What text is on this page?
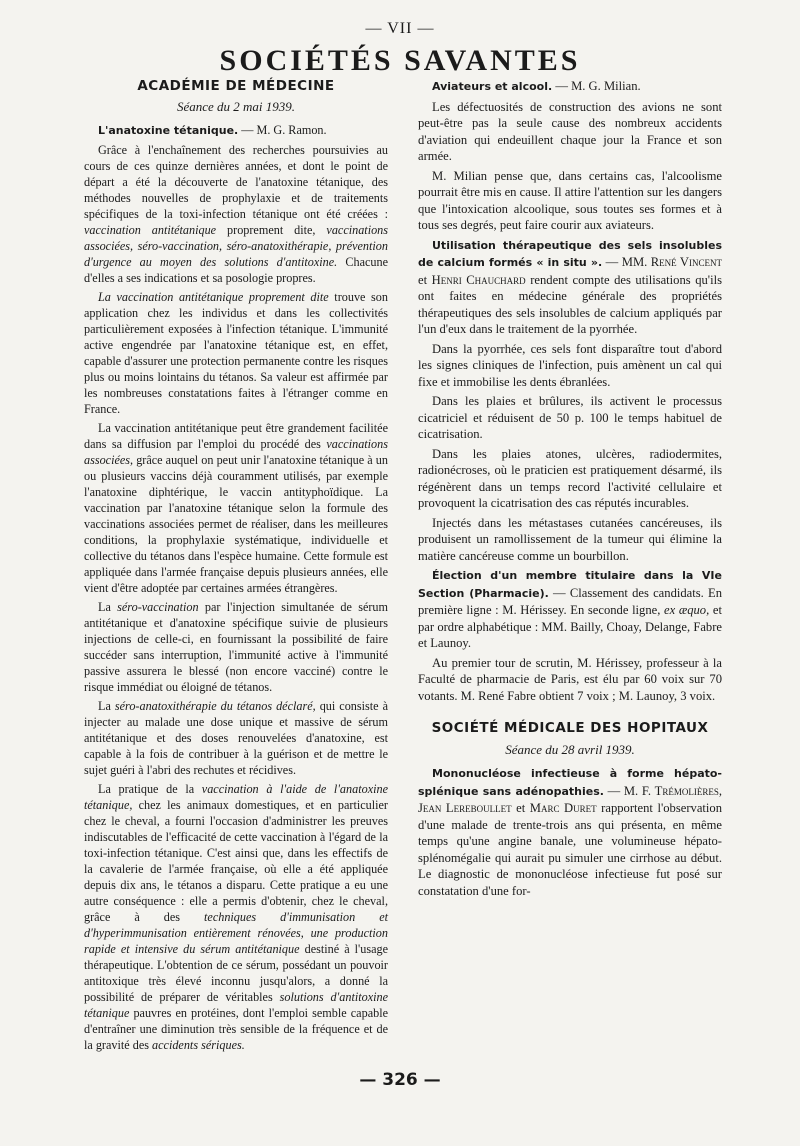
— VII —
SOCIÉTÉS SAVANTES
ACADÉMIE DE MÉDECINE
Séance du 2 mai 1939.

L'anatoxine tétanique. — M. G. Ramon.

Grâce à l'enchaînement des recherches poursuivies au cours de ces quinze dernières années, et dont le point de départ a été la découverte de l'anatoxine tétanique, des méthodes nouvelles de prophylaxie et de traitements spécifiques de la toxi-infection tétanique ont été créées : vaccination antitétanique proprement dite, vaccinations associées, séro-vaccination, séro-anatoxithérapie, prévention d'urgence au moyen des solutions d'antitoxine. Chacune d'elles a ses indications et sa posologie propres.

La vaccination antitétanique proprement dite trouve son application chez les individus et dans les collectivités particulièrement exposées à l'infection tétanique. L'immunité active engendrée par l'anatoxine tétanique est, en effet, capable d'assurer une protection permanente contre les risques plus ou moins lointains du tétanos. Sa valeur est affirmée par les nombreuses constatations faites à l'étranger comme en France.

La vaccination antitétanique peut être grandement facilitée dans sa diffusion par l'emploi du procédé des vaccinations associées, grâce auquel on peut unir l'anatoxine tétanique à un ou plusieurs vaccins déjà couramment utilisés, par exemple l'anatoxine diphtérique, le vaccin antityphoïdique. La vaccination par l'anatoxine tétanique selon la formule des vaccinations associées permet de réaliser, dans les meilleures conditions, la prophylaxie systématique, individuelle et collective du tétanos dans l'espèce humaine. Cette formule est appliquée dans l'armée française depuis plusieurs années, elle vient d'être adoptée par certaines armées étrangères.

La séro-vaccination par l'injection simultanée de sérum antitétanique et d'anatoxine spécifique suivie de plusieurs injections de celle-ci, en fournissant la possibilité de faire succéder sans interruption, l'immunité active à l'immunité passive assurera le blessé (non encore vacciné) contre le risque immédiat ou éloigné de tétanos.

La séro-anatoxithérapie du tétanos déclaré, qui consiste à injecter au malade une dose unique et massive de sérum antitétanique et des doses renouvelées d'anatoxine, est capable à la fois de contribuer à la guérison et de mettre le sujet guéri à l'abri des rechutes et récidives.

La pratique de la vaccination à l'aide de l'anatoxine tétanique, chez les animaux domestiques, et en particulier chez le cheval, a fourni l'occasion d'administrer les preuves indiscutables de l'efficacité de cette vaccination à l'égard de la toxi-infection tétanique. C'est ainsi que, dans les effectifs de la cavalerie de l'armée française, où elle a été appliquée depuis dix ans, le tétanos a disparu. Cette pratique a eu une autre conséquence : elle a permis d'obtenir, chez le cheval, grâce à des techniques d'immunisation et d'hyperimmunisation entièrement rénovées, une production rapide et intensive du sérum antitétanique destiné à l'usage thérapeutique. L'obtention de ce sérum, possédant un pouvoir antitoxique très élevé inconnu jusqu'alors, a donné la possibilité de préparer de véritables solutions d'antitoxine tétanique pauvres en protéines, dont l'emploi semble capable d'entraîner une diminution très sensible de la fréquence et de la gravité des accidents sériques.

Aviateurs et alcool. — M. G. Milian.

Les défectuosités de construction des avions ne sont peut-être pas la seule cause des nombreux accidents d'aviation qui endeuillent chaque jour la France et son armée.

M. Milian pense que, dans certains cas, l'alcoolisme pourrait être mis en cause. Il attire l'attention sur les dangers que l'intoxication alcoolique, sous toutes ses formes et à tous ses degrés, peut faire courir aux aviateurs.

Utilisation thérapeutique des sels insolubles de calcium formés « in situ ». — MM. René Vincent et Henri Chauchard rendent compte des utilisations qu'ils ont faites en médecine générale des propriétés thérapeutiques des sels insolubles de calcium appliqués par l'un d'eux dans le traitement de la pyorrhée.

Dans la pyorrhée, ces sels font disparaître tout d'abord les signes cliniques de l'infection, puis amènent un cal qui fixe et immobilise les dents ébranlées.

Dans les plaies et brûlures, ils activent le processus cicatriciel et réduisent de 50 p. 100 le temps habituel de cicatrisation.

Dans les plaies atones, ulcères, radiodermites, radionécroses, où le praticien est pratiquement désarmé, ils régénèrent dans un temps record l'activité cellulaire et provoquent la cicatrisation des cas réputés incurables.

Injectés dans les métastases cutanées cancéreuses, ils produisent un ramollissement de la tumeur qui élimine la matière cancéreuse comme un bourbillon.

Élection d'un membre titulaire dans la VIe Section (Pharmacie). — Classement des candidats. En première ligne : M. Hérissey. En seconde ligne, ex æquo, et par ordre alphabétique : MM. Bailly, Choay, Delange, Fabre et Launoy.

Au premier tour de scrutin, M. Hérissey, professeur à la Faculté de pharmacie de Paris, est élu par 60 voix sur 70 votants. M. René Fabre obtient 7 voix ; M. Launoy, 3 voix.

SOCIÉTÉ MÉDICALE DES HOPITAUX
Séance du 28 avril 1939.

Mononucléose infectieuse à forme hépato-splénique sans adénopathies. — M. F. Trémolières, Jean Lereboullet et Marc Duret rapportent l'observation d'une malade de trente-trois ans qui présenta, en même temps qu'une angine banale, une volumineuse hépato-splénomégalie qui aurait pu simuler une cirrhose au début. Le diagnostic de mononucléose infectieuse fut posé sur constatation d'une for-

— 326 —
